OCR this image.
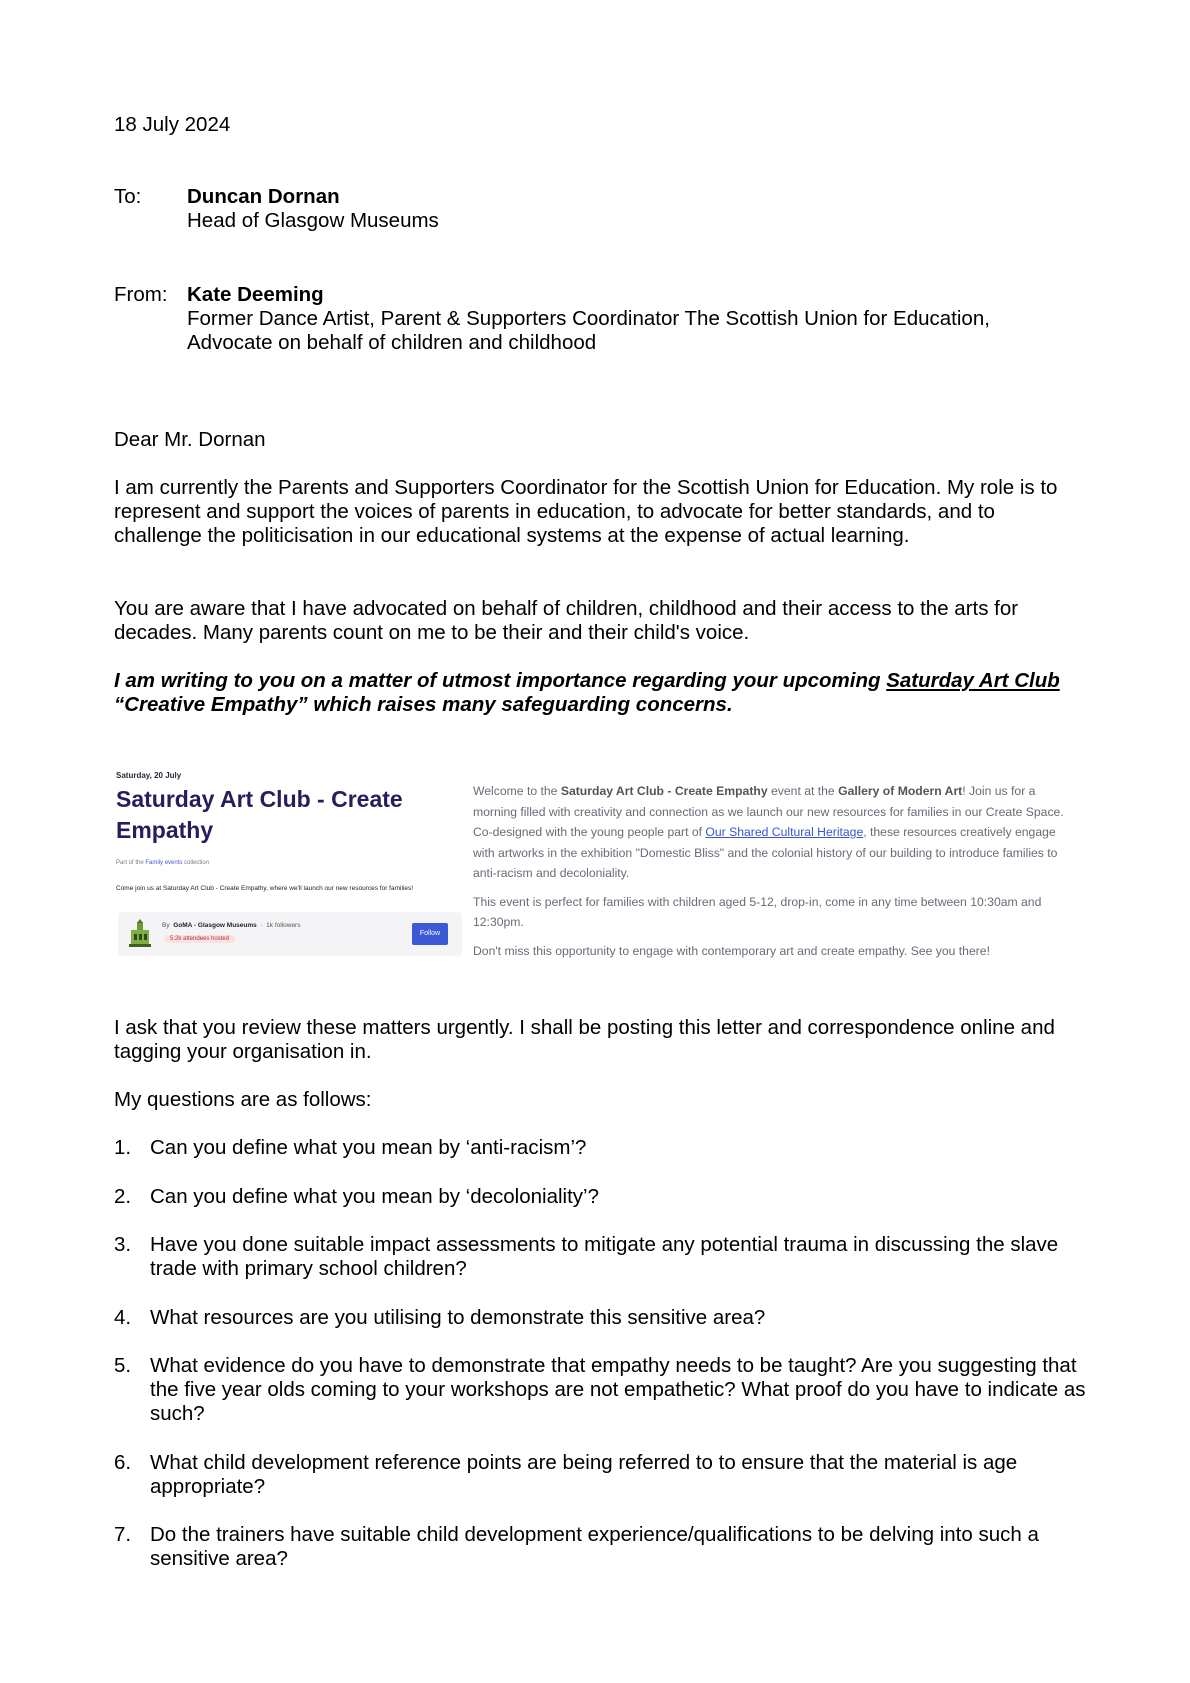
18 July 2024
To: Duncan Dornan
Head of Glasgow Museums
From: Kate Deeming
Former Dance Artist, Parent & Supporters Coordinator The Scottish Union for Education,
Advocate on behalf of children and childhood
Dear Mr. Dornan
I am currently the Parents and Supporters Coordinator for the Scottish Union for Education. My role is to represent and support the voices of parents in education, to advocate for better standards, and to challenge the politicisation in our educational systems at the expense of actual learning.
You are aware that I have advocated on behalf of children, childhood and their access to the arts for decades. Many parents count on me to be their and their child's voice.
I am writing to you on a matter of utmost importance regarding your upcoming Saturday Art Club “Creative Empathy” which raises many safeguarding concerns.
Saturday, 20 July
Saturday Art Club - Create Empathy
Part of the Family events collection
Come join us at Saturday Art Club - Create Empathy, where we'll launch our new resources for families!
By GoMA - Glasgow Museums  ·  1k followers
5.2k attendees hosted
Follow

Welcome to the Saturday Art Club - Create Empathy event at the Gallery of Modern Art! Join us for a morning filled with creativity and connection as we launch our new resources for families in our Create Space. Co-designed with the young people part of Our Shared Cultural Heritage, these resources creatively engage with artworks in the exhibition "Domestic Bliss" and the colonial history of our building to introduce families to anti-racism and decoloniality.

This event is perfect for families with children aged 5-12, drop-in, come in any time between 10:30am and 12:30pm.

Don't miss this opportunity to engage with contemporary art and create empathy. See you there!

I ask that you review these matters urgently. I shall be posting this letter and correspondence online and tagging your organisation in.
My questions are as follows:
1. Can you define what you mean by ‘anti-racism’?
2. Can you define what you mean by ‘decoloniality’?
3. Have you done suitable impact assessments to mitigate any potential trauma in discussing the slave trade with primary school children?
4. What resources are you utilising to demonstrate this sensitive area?
5. What evidence do you have to demonstrate that empathy needs to be taught? Are you suggesting that the five year olds coming to your workshops are not empathetic? What proof do you have to indicate as such?
6. What child development reference points are being referred to to ensure that the material is age appropriate?
7. Do the trainers have suitable child development experience/qualifications to be delving into such a sensitive area?
